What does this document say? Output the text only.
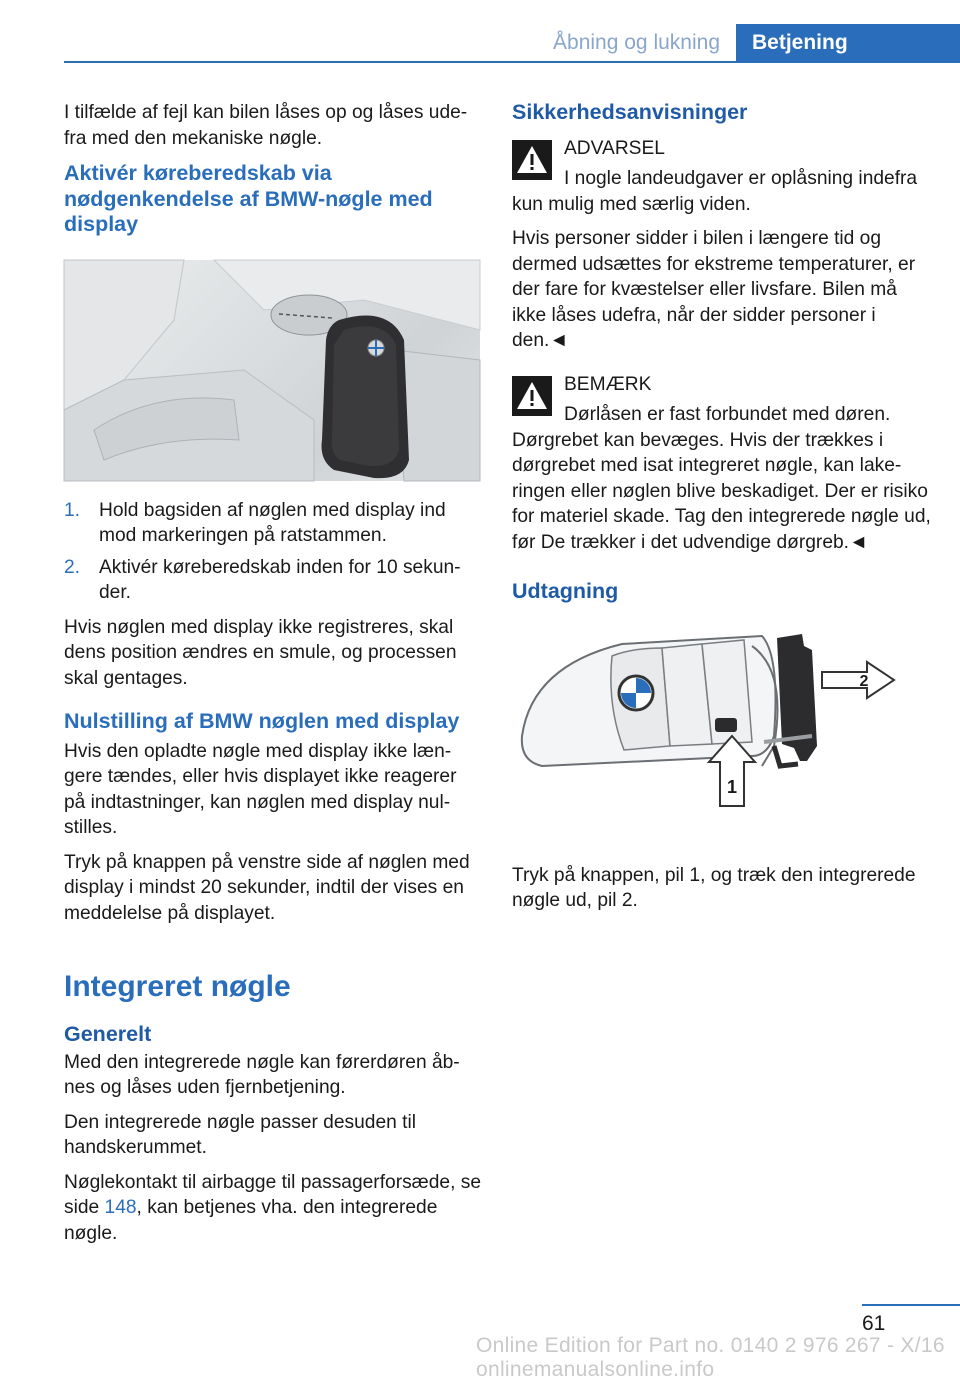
Åbning og lukning	Betjening

I tilfælde af fejl kan bilen låses op og låses udefra med den mekaniske nøgle.

Aktivér køreberedskab via nødgenkendelse af BMW-nøgle med display
1. Hold bagsiden af nøglen med display ind mod markeringen på ratstammen.
2. Aktivér køreberedskab inden for 10 sekunder.

Hvis nøglen med display ikke registreres, skal dens position ændres en smule, og processen skal gentages.

Nulstilling af BMW nøglen med display

Hvis den opladte nøgle med display ikke længere tændes, eller hvis displayet ikke reagerer på indtastninger, kan nøglen med display nulstilles.

Tryk på knappen på venstre side af nøglen med display i mindst 20 sekunder, indtil der vises en meddelelse på displayet.

Integreret nøgle
Generelt

Med den integrerede nøgle kan førerdøren åbnes og låses uden fjernbetjening.

Den integrerede nøgle passer desuden til handskerummet.

Nøglekontakt til airbagge til passagerforsæde, se side 148, kan betjenes vha. den integrerede nøgle.

Sikkerhedsanvisninger
ADVARSEL
I nogle landeudgaver er oplåsning indefra

kun mulig med særlig viden.

Hvis personer sidder i bilen i længere tid og dermed udsættes for ekstreme temperaturer, er der fare for kvæstelser eller livsfare. Bilen må ikke låses udefra, når der sidder personer i den.◄

BEMÆRK
Dørlåsen er fast forbundet med døren.

Dørgrebet kan bevæges. Hvis der trækkes i dørgrebet med isat integreret nøgle, kan lakeringen eller nøglen blive beskadiget. Der er risiko for materiel skade. Tag den integrerede nøgle ud, før De trækker i det udvendige dørgreb.◄

Udtagning
2
1

Tryk på knappen, pil 1, og træk den integrerede nøgle ud, pil 2.

61
Online Edition for Part no. 0140 2 976 267 - X/16 onlinemanualsonline.info
